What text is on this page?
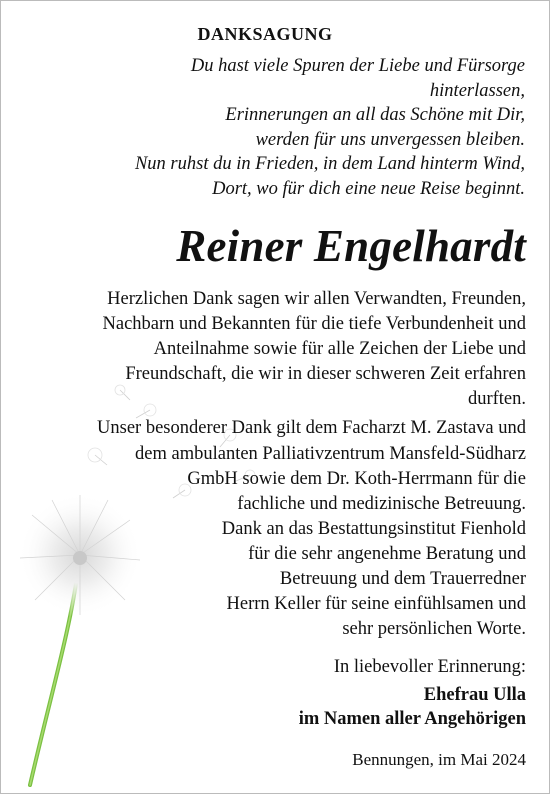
DANKSAGUNG
Du hast viele Spuren der Liebe und Fürsorge
hinterlassen,
Erinnerungen an all das Schöne mit Dir,
werden für uns unvergessen bleiben.
Nun ruhst du in Frieden, in dem Land hinterm Wind,
Dort, wo für dich eine neue Reise beginnt.
Reiner Engelhardt
Herzlichen Dank sagen wir allen Verwandten, Freunden,
Nachbarn und Bekannten für die tiefe Verbundenheit und
Anteilnahme sowie für alle Zeichen der Liebe und
Freundschaft, die wir in dieser schweren Zeit erfahren
durften.
Unser besonderer Dank gilt dem Facharzt M. Zastava und
dem ambulanten Palliativzentrum Mansfeld-Südharz
GmbH sowie dem Dr. Koth-Herrmann für die
fachliche und medizinische Betreuung.
Dank an das Bestattungsinstitut Fienhold
für die sehr angenehme Beratung und
Betreuung und dem Trauerredner
Herrn Keller für seine einfühlsamen und
sehr persönlichen Worte.
In liebevoller Erinnerung:
Ehefrau Ulla
im Namen aller Angehörigen
Bennungen, im Mai 2024
